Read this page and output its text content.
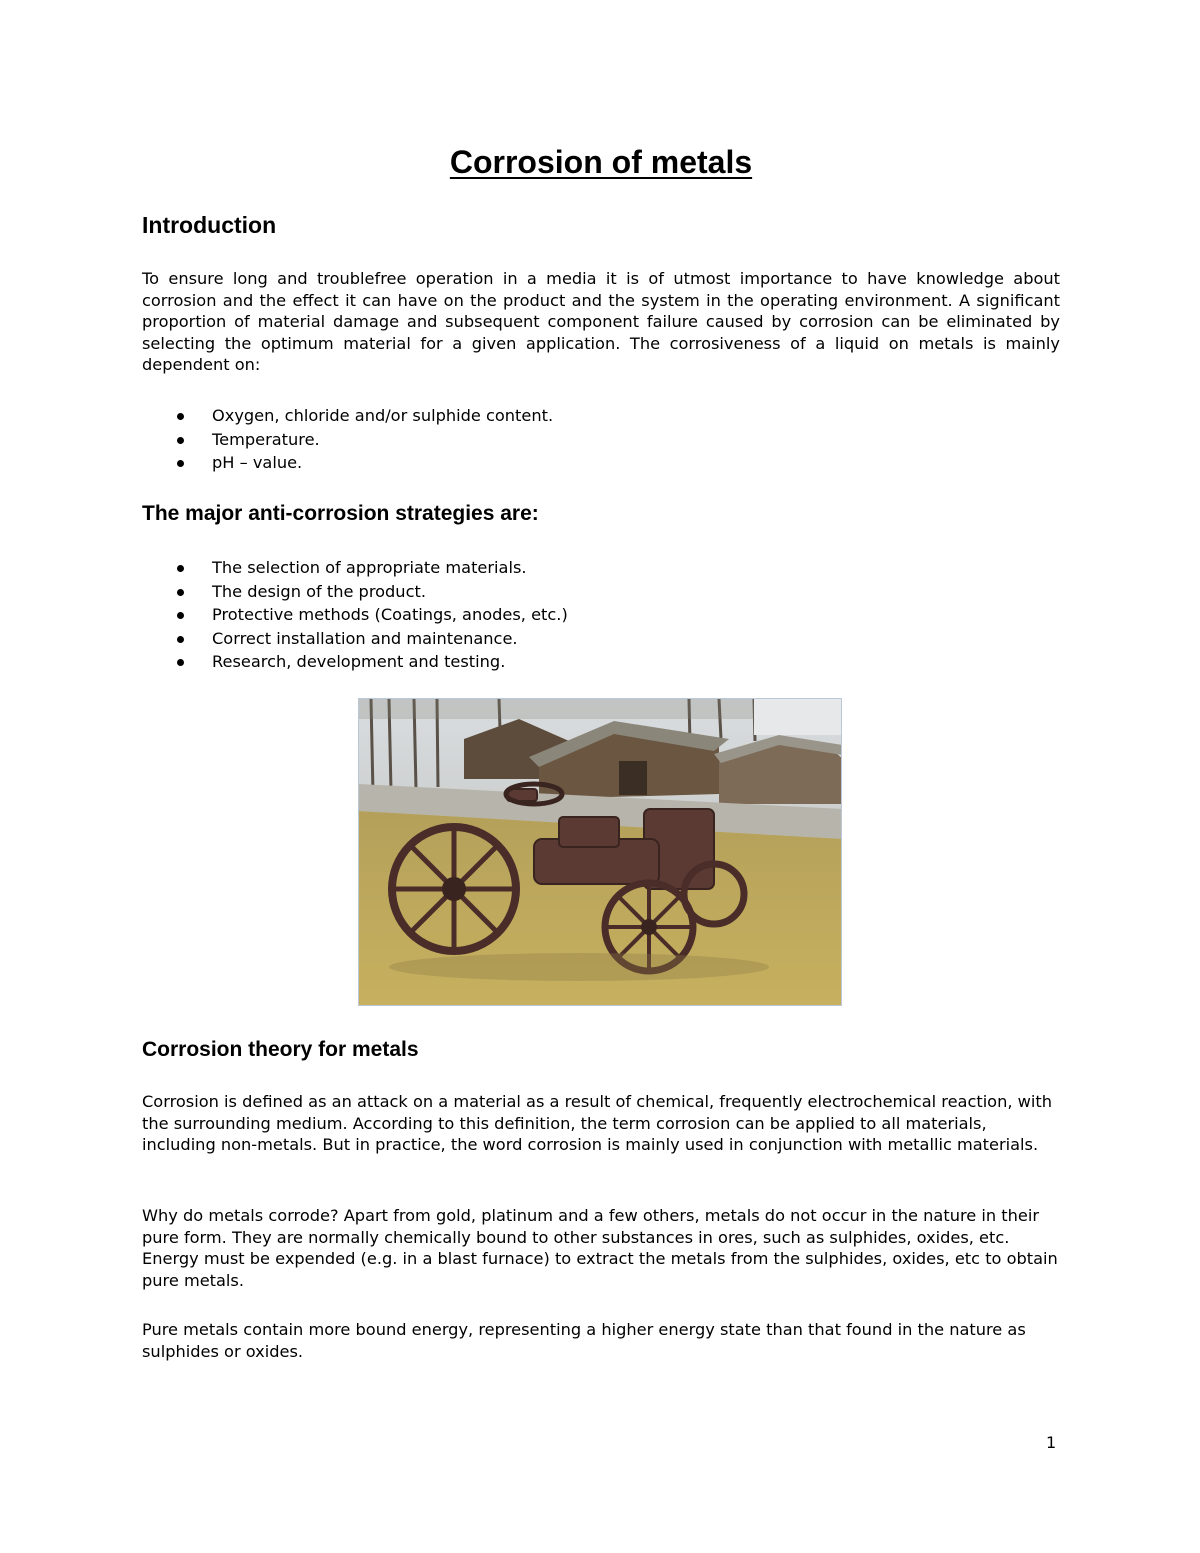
Corrosion of metals
Introduction

To ensure long and troublefree operation in a media it is of utmost importance to have knowledge about corrosion and the effect it can have on the product and the system in the operating environment. A significant proportion of material damage and subsequent component failure caused by corrosion can be eliminated by selecting the optimum material for a given application. The corrosiveness of a liquid on metals is mainly dependent on:

Oxygen, chloride and/or sulphide content.
Temperature.
pH – value.
The major anti-corrosion strategies are:
The selection of appropriate materials.
The design of the product.
Protective methods (Coatings, anodes, etc.)
Correct installation and maintenance.
Research, development and testing.
Corrosion theory for metals

Corrosion is defined as an attack on a material as a result of chemical, frequently electrochemical reaction, with the surrounding medium. According to this definition, the term corrosion can be applied to all materials, including non-metals. But in practice, the word corrosion is mainly used in conjunction with metallic materials.

Why do metals corrode? Apart from gold, platinum and a few others, metals do not occur in the nature in their pure form. They are normally chemically bound to other substances in ores, such as sulphides, oxides, etc. Energy must be expended (e.g. in a blast furnace) to extract the metals from the sulphides, oxides, etc to obtain pure metals.

Pure metals contain more bound energy, representing a higher energy state than that found in the nature as sulphides or oxides.

1
